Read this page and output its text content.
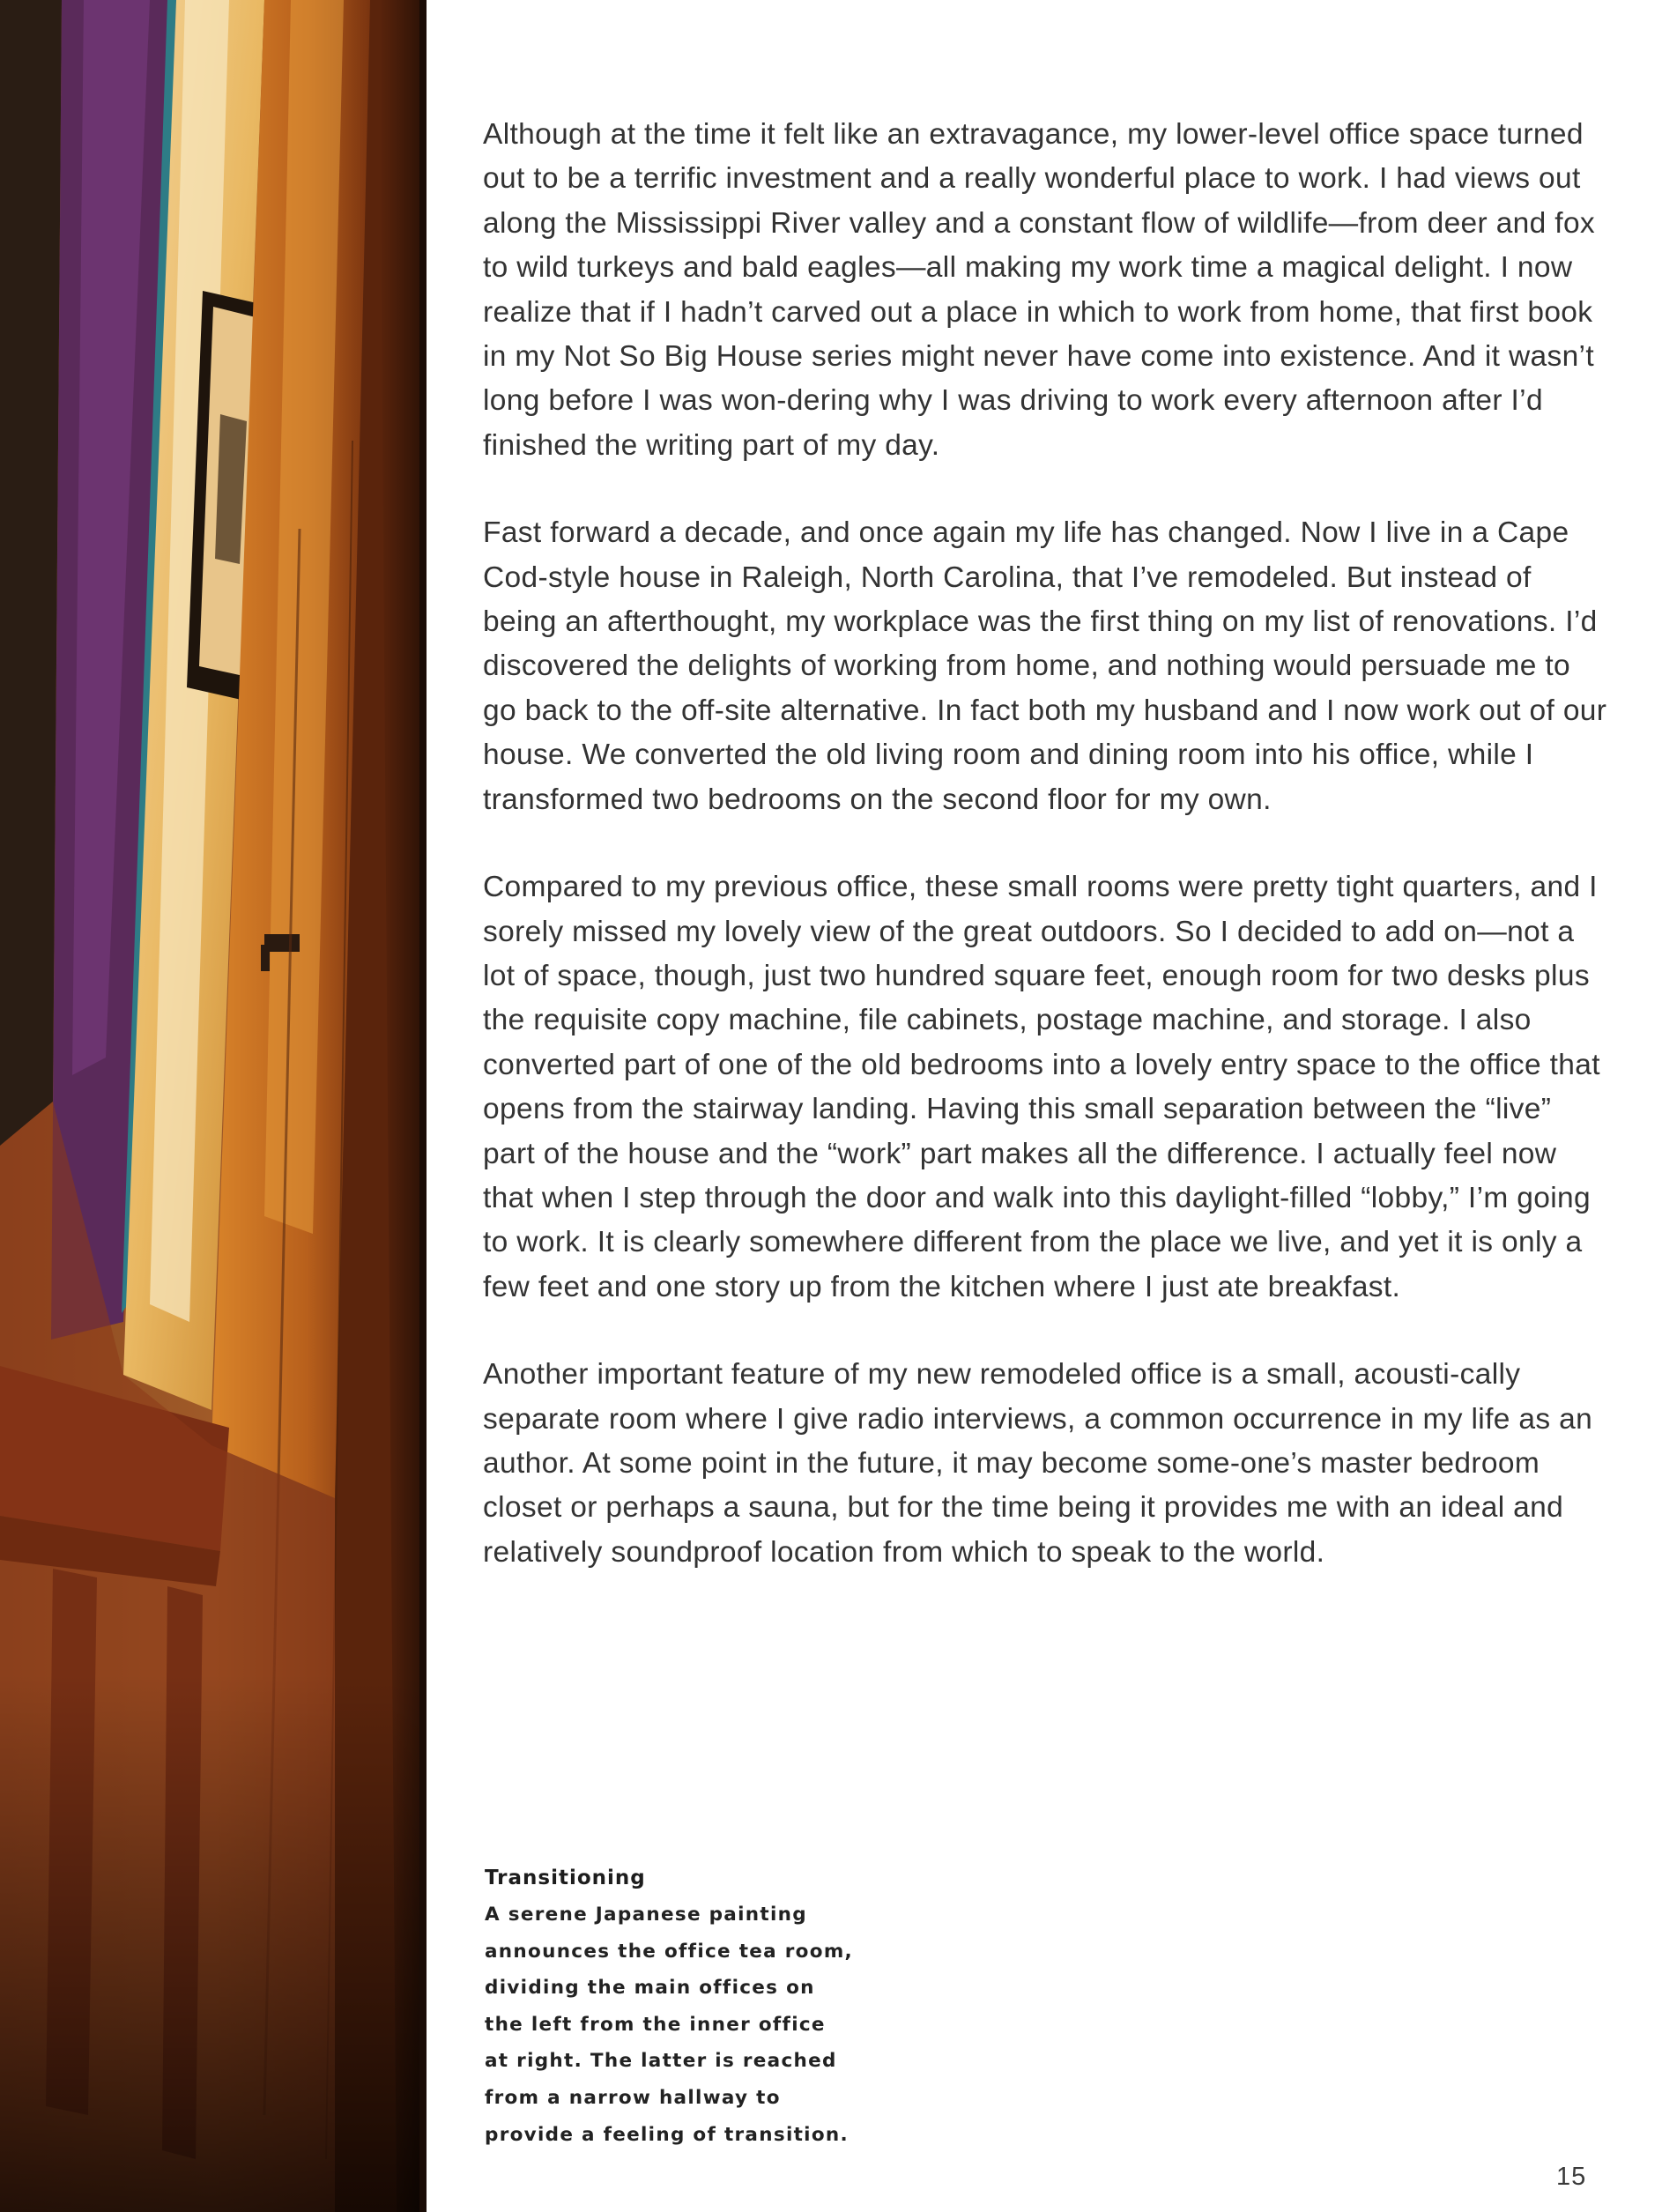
Although at the time it felt like an extravagance, my lower-level office space turned out to be a terrific investment and a really wonderful place to work. I had views out along the Mississippi River valley and a constant flow of wildlife—from deer and fox to wild turkeys and bald eagles—all making my work time a magical delight. I now realize that if I hadn’t carved out a place in which to work from home, that first book in my Not So Big House series might never have come into existence. And it wasn’t long before I was won-dering why I was driving to work every afternoon after I’d finished the writing part of my day.

Fast forward a decade, and once again my life has changed. Now I live in a Cape Cod-style house in Raleigh, North Carolina, that I’ve remodeled. But instead of being an afterthought, my workplace was the first thing on my list of renovations. I’d discovered the delights of working from home, and nothing would persuade me to go back to the off-site alternative. In fact both my husband and I now work out of our house. We converted the old living room and dining room into his office, while I transformed two bedrooms on the second floor for my own.

Compared to my previous office, these small rooms were pretty tight quarters, and I sorely missed my lovely view of the great outdoors. So I decided to add on—not a lot of space, though, just two hundred square feet, enough room for two desks plus the requisite copy machine, file cabinets, postage machine, and storage. I also converted part of one of the old bedrooms into a lovely entry space to the office that opens from the stairway landing. Having this small separation between the “live” part of the house and the “work” part makes all the difference. I actually feel now that when I step through the door and walk into this daylight-filled “lobby,” I’m going to work. It is clearly somewhere different from the place we live, and yet it is only a few feet and one story up from the kitchen where I just ate breakfast.

Another important feature of my new remodeled office is a small, acousti-cally separate room where I give radio interviews, a common occurrence in my life as an author. At some point in the future, it may become some-one’s master bedroom closet or perhaps a sauna, but for the time being it provides me with an ideal and relatively soundproof location from which to speak to the world.

Transitioning
A serene Japanese painting announces the office tea room, dividing the main offices on the left from the inner office at right. The latter is reached from a narrow hallway to provide a feeling of transition.
15
